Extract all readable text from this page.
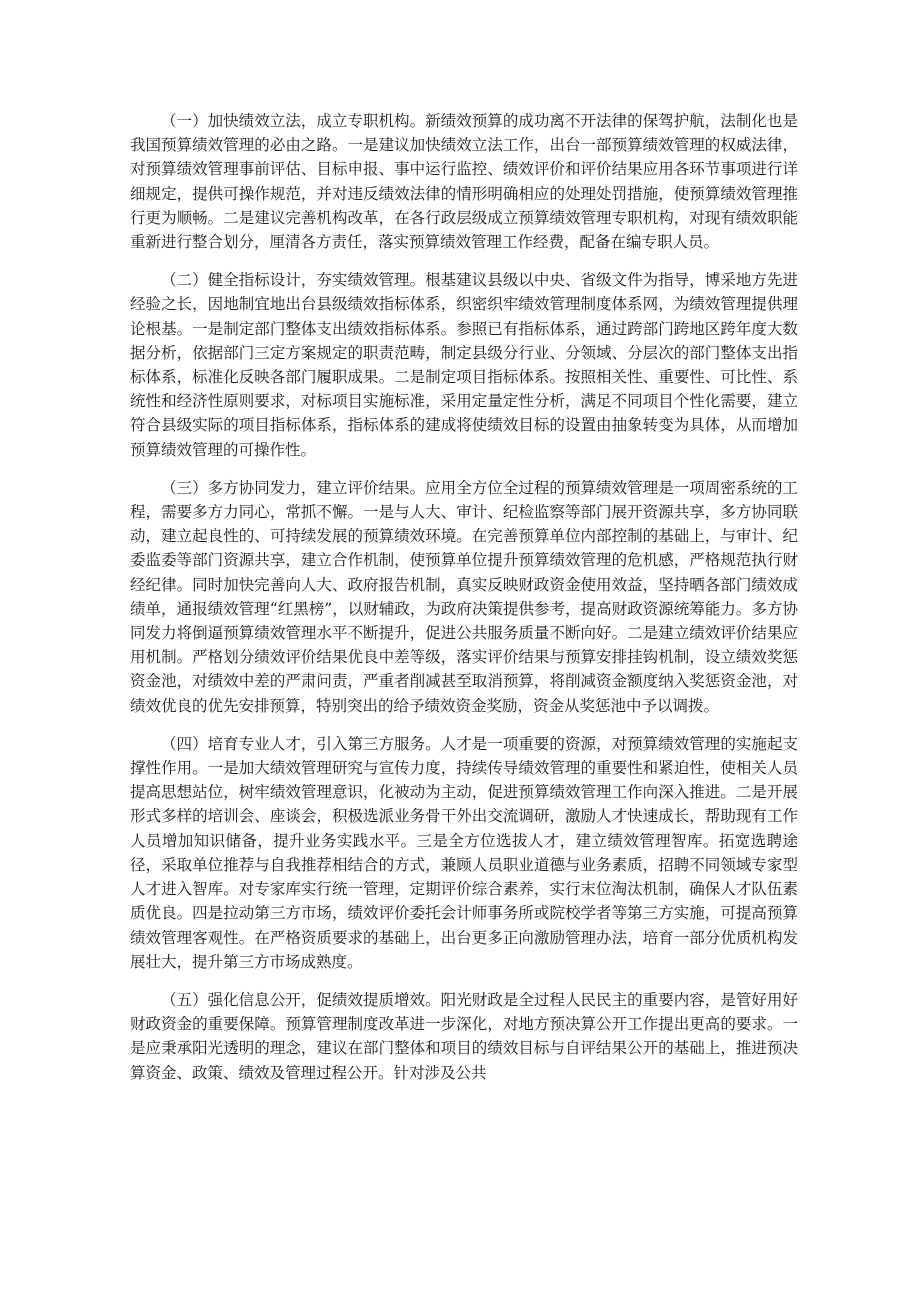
（一）加快绩效立法，成立专职机构。新绩效预算的成功离不开法律的保驾护航，法制化也是我国预算绩效管理的必由之路。一是建议加快绩效立法工作，出台一部预算绩效管理的权威法律，对预算绩效管理事前评估、目标申报、事中运行监控、绩效评价和评价结果应用各环节事项进行详细规定，提供可操作规范，并对违反绩效法律的情形明确相应的处理处罚措施，使预算绩效管理推行更为顺畅。二是建议完善机构改革，在各行政层级成立预算绩效管理专职机构，对现有绩效职能重新进行整合划分，厘清各方责任，落实预算绩效管理工作经费，配备在编专职人员。

（二）健全指标设计，夯实绩效管理。根基建议县级以中央、省级文件为指导，博采地方先进经验之长，因地制宜地出台县级绩效指标体系，织密织牢绩效管理制度体系网，为绩效管理提供理论根基。一是制定部门整体支出绩效指标体系。参照已有指标体系，通过跨部门跨地区跨年度大数据分析，依据部门三定方案规定的职责范畴，制定县级分行业、分领域、分层次的部门整体支出指标体系，标准化反映各部门履职成果。二是制定项目指标体系。按照相关性、重要性、可比性、系统性和经济性原则要求，对标项目实施标准，采用定量定性分析，满足不同项目个性化需要，建立符合县级实际的项目指标体系，指标体系的建成将使绩效目标的设置由抽象转变为具体，从而增加预算绩效管理的可操作性。

（三）多方协同发力，建立评价结果。应用全方位全过程的预算绩效管理是一项周密系统的工程，需要多方力同心，常抓不懈。一是与人大、审计、纪检监察等部门展开资源共享，多方协同联动，建立起良性的、可持续发展的预算绩效环境。在完善预算单位内部控制的基础上，与审计、纪委监委等部门资源共享，建立合作机制，使预算单位提升预算绩效管理的危机感，严格规范执行财经纪律。同时加快完善向人大、政府报告机制，真实反映财政资金使用效益，坚持晒各部门绩效成绩单，通报绩效管理“红黑榜”，以财辅政，为政府决策提供参考，提高财政资源统筹能力。多方协同发力将倒逼预算绩效管理水平不断提升，促进公共服务质量不断向好。二是建立绩效评价结果应用机制。严格划分绩效评价结果优良中差等级，落实评价结果与预算安排挂钩机制，设立绩效奖惩资金池，对绩效中差的严肃问责，严重者削减甚至取消预算，将削减资金额度纳入奖惩资金池，对绩效优良的优先安排预算，特别突出的给予绩效资金奖励，资金从奖惩池中予以调拨。

（四）培育专业人才，引入第三方服务。人才是一项重要的资源，对预算绩效管理的实施起支撑性作用。一是加大绩效管理研究与宣传力度，持续传导绩效管理的重要性和紧迫性，使相关人员提高思想站位，树牢绩效管理意识，化被动为主动，促进预算绩效管理工作向深入推进。二是开展形式多样的培训会、座谈会，积极选派业务骨干外出交流调研，激励人才快速成长，帮助现有工作人员增加知识储备，提升业务实践水平。三是全方位选拔人才，建立绩效管理智库。拓宽选聘途径，采取单位推荐与自我推荐相结合的方式，兼顾人员职业道德与业务素质，招聘不同领域专家型人才进入智库。对专家库实行统一管理，定期评价综合素养，实行末位淘汰机制，确保人才队伍素质优良。四是拉动第三方市场，绩效评价委托会计师事务所或院校学者等第三方实施，可提高预算绩效管理客观性。在严格资质要求的基础上，出台更多正向激励管理办法，培育一部分优质机构发展壮大，提升第三方市场成熟度。

（五）强化信息公开，促绩效提质增效。阳光财政是全过程人民民主的重要内容，是管好用好财政资金的重要保障。预算管理制度改革进一步深化，对地方预决算公开工作提出更高的要求。一是应秉承阳光透明的理念，建议在部门整体和项目的绩效目标与自评结果公开的基础上，推进预决算资金、政策、绩效及管理过程公开。针对涉及公共
